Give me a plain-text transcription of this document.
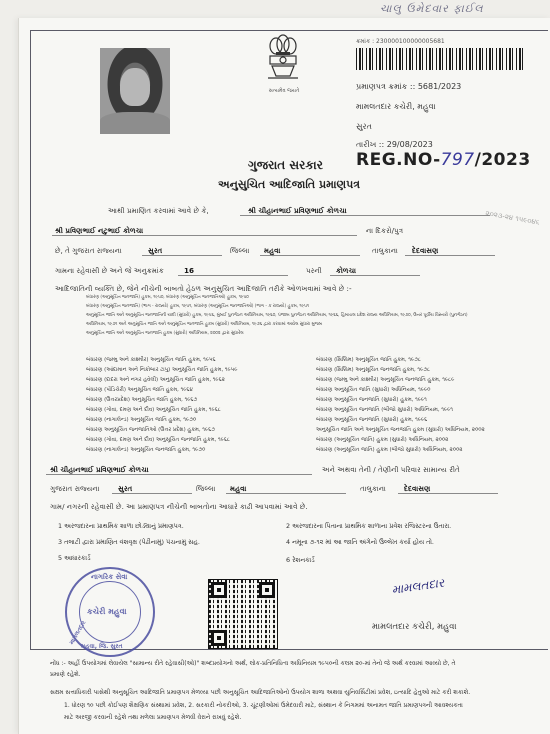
ચાલુ ઉમેદવાર ફાઈલ
સત્યમેવ જયતે
ક્રમાંક : 230000100000005681
પ્રમાણપત્ર ક્રમાંક :: 5681/2023
મામલતદાર કચેરી, મહુવા
સુરત
તારીખ :: 29/08/2023
ગુજરાત સરકાર
અનુસુચિત આદિજાતિ પ્રમાણપત્ર
REG.NO-797/2023
આથી પ્રમાણિત કરવામાં આવે છે કે,	શ્રી ચીહાનભાઈ પ્રવિણભાઈ કોળચા
શ્રી પ્રવિણભાઈ નટુભાઈ કોળચા	ના દિકરો/પુત્ર
છે, તે ગુજરાત રાજ્યના	સુરત	જિલ્લા મહુવા	તાલુકાના દેદવાસણ
ગામના રહેવાસી છે અને જે અનુક્રમાંક	16	પરની કોળચા
આદિજાતિની વ્યક્તિ છે, જેને નીચેની બાબતો હેઠળ અનુસુચિત આદિજાતિ તરીકે ઓળખવામાં આવે છે :-
બંધારણ (અનુસૂચિત જનજાતિ) હુકમ, ૧૯૫૦, બંધારણ (અનુસૂચિત જનજાતિઓ) હુકમ, ૧૯૫૦
બંધારણ (અનુસૂચિત જનજાતિ) (ભાગ - રાજ્યો) હુકમ, ૧૯૫૧, બંધારણ (અનુસૂચિત જનજાતિઓ) (ભાગ - ક રાજ્યો) હુકમ, ૧૯૫૧
અનુસૂચિત જાતિ અને અનુસૂચિત જનજાતિની યાદી (સુધારો) હુકમ, ૧૯૫૬, મુંબઈ પુનર્ગઠન અધિનિયમ, ૧૯૬૦, પંજાબ પુનર્ગઠન અધિનિયમ, ૧૯૬૬, હિમાચલ પ્રદેશ રાજ્ય અધિનિયમ, ૧૯૭૦, ઉત્તર પૂર્વીય વિસ્તારો (પુનર્ગઠન)
અધિનિયમ, ૧૯૭૧ અને અનુસૂચિત જાતિ અને અનુસૂચિત જનજાતિ હુકમ (સુધારો) અધિનિયમ, ૧૯૭૬ દ્વારા કરવામાં આવેલ સુધારા મુજબ
અનુસૂચિત જાતિ અને અનુસૂચિત જનજાતિ હુકમ (સુધારો) અધિનિયમ, ૨૦૦૨ દ્વારા સુધારેલ
બંધારણ (જમ્મુ અને કાશ્મીર) અનુસૂચિત જાતિ હુકમ, ૧૯૫૬
બંધારણ (આંદામાન અને નિકોબાર ટાપુ) અનુસૂચિત જાતિ હુકમ, ૧૯૫૯
બંધારણ (દાદરા અને નગર હવેલી) અનુસૂચિત જાતિ હુકમ, ૧૯૬૨
બંધારણ (પોંડિચેરી) અનુસૂચિત જાતિ હુકમ, ૧૯૬૪
બંધારણ (ઉત્તરપ્રદેશ) અનુસૂચિત જાતિ હુકમ, ૧૯૬૭
બંધારણ (ગોવા, દમણ અને દીવ) અનુસૂચિત જાતિ હુકમ, ૧૯૬૮
બંધારણ (નાગાલેન્ડ) અનુસૂચિત જાતિ હુકમ, ૧૯૭૦
બંધારણ અનુસૂચિત જનજાતિઓ (ઉત્તર પ્રદેશ) હુકમ, ૧૯૬૭
બંધારણ (ગોવા, દમણ અને દીવ) અનુસૂચિત જનજાતિ હુકમ, ૧૯૬૮
બંધારણ (નાગાલેન્ડ) અનુસૂચિત જનજાતિ હુકમ, ૧૯૭૦
બંધારણ (સિક્કિમ) અનુસૂચિત જાતિ હુકમ, ૧૯૭૮
બંધારણ (સિક્કિમ) અનુસૂચિત જનજાતિ હુકમ, ૧૯૭૮
બંધારણ (જમ્મુ અને કાશ્મીર) અનુસૂચિત જનજાતિ હુકમ, ૧૯૮૯
બંધારણ અનુસૂચિત જાતિ (સુધારો) અધિનિયમ, ૧૯૯૦
બંધારણ અનુસૂચિત જનજાતિ (સુધારો) હુકમ, ૧૯૯૧
બંધારણ અનુસૂચિત જનજાતિ (બીજો સુધારો) અધિનિયમ, ૧૯૯૧
બંધારણ અનુસૂચિત જનજાતિ (સુધારો) હુકમ, ૧૯૯૬
અનુસૂચિત જાતિ અને અનુસૂચિત જનજાતિ હુકમ (સુધારો) અધિનિયમ, ૨૦૦૨
બંધારણ (અનુસૂચિત જાતિ) હુકમ (સુધારો) અધિનિયમ, ૨૦૦૨
બંધારણ (અનુસૂચિત જાતિ) હુકમ (બીજો સુધારો) અધિનિયમ, ૨૦૦૨
શ્રી ચીહાનભાઈ પ્રવિણભાઈ કોળચા	અને અથવા તેની / તેણીની પરિવાર સામાન્ય રીતે
ગુજરાત રાજ્યના	સુરત	જિલ્લા મહુવા	તાલુકાના	દેદવાસણ
ગામ/ નગરની રહેવાસી છે. આ પ્રમાણપત્ર નીચેની બાબતોના આધારે કાઢી આપવામાં આવે છે.
1 અરજદારના પ્રાથમિક શાળા છોડ્યાનું પ્રમાણપત્ર.	2 અરજદારના પિતાના પ્રાથમિક શાળાના પ્રવેશ રજિસ્ટરના ઉતારા.
3 તલાટી દ્વારા પ્રમાણિત વંશવૃક્ષ (પેઢીનામું) પંચનામું સહ.	4 નમૂના ૭-૧૨ માં આ જાતિ અંગેનો ઉલ્લેખ કર્યા હોય તો.
5 આધારકાર્ડ	6 રેશનકાર્ડ
નાગરિક સેવા
કચેરી મહુવા
મામલતદાર
મહુવા, જિ. સુરત
મામલતદાર
મામલતદાર કચેરી, મહુવા
નોંધ :- અહીં ઉપયોગમાં લેવાયેલ "સામાન્ય રીતે રહેવાસી(ઓ)" શબ્દપ્રયોગનો અર્થ, લોક-પ્રતિનિધિત્વ અધિનિયમ ૧૯૫૦ની કલમ ૨૦-માં તેનો જે અર્થ કરવામાં આવ્યો છે, તે
પ્રમાણે રહેશે.
સક્ષમ સત્તાધિકારી પાસેથી અનુસૂચિત આદિજાતિ પ્રમાણપત્ર મેળવ્યા પછી અનુસૂચિત આદિજાતિઓનો ઉપયોગ શાળા અથવા યુનિવર્સિટીમાં પ્રવેશ, ઇત્યાદિ હેતુઓ માટે કરી શકાશે.
1. ધોરણ ૧૦ પછી કોઈપણ શૈક્ષણિક સંસ્થામાં પ્રવેશ, 2. સરકારી નોકરીઓ, 3. ચૂંટણીઓમાં ઉમેદવારી માટે, સંસ્થાન કે નિગમમાં અનામત જાતિ પ્રમાણપત્રની આવશ્યકતા
માટે અરજી કરવાની રહેશે તથા મળેલા પ્રમાણપત્ર મેળવી વેરાને રાખવું રહેશે.
૨૦૨૩-૨૪ ૧૫૯૦૪૬
